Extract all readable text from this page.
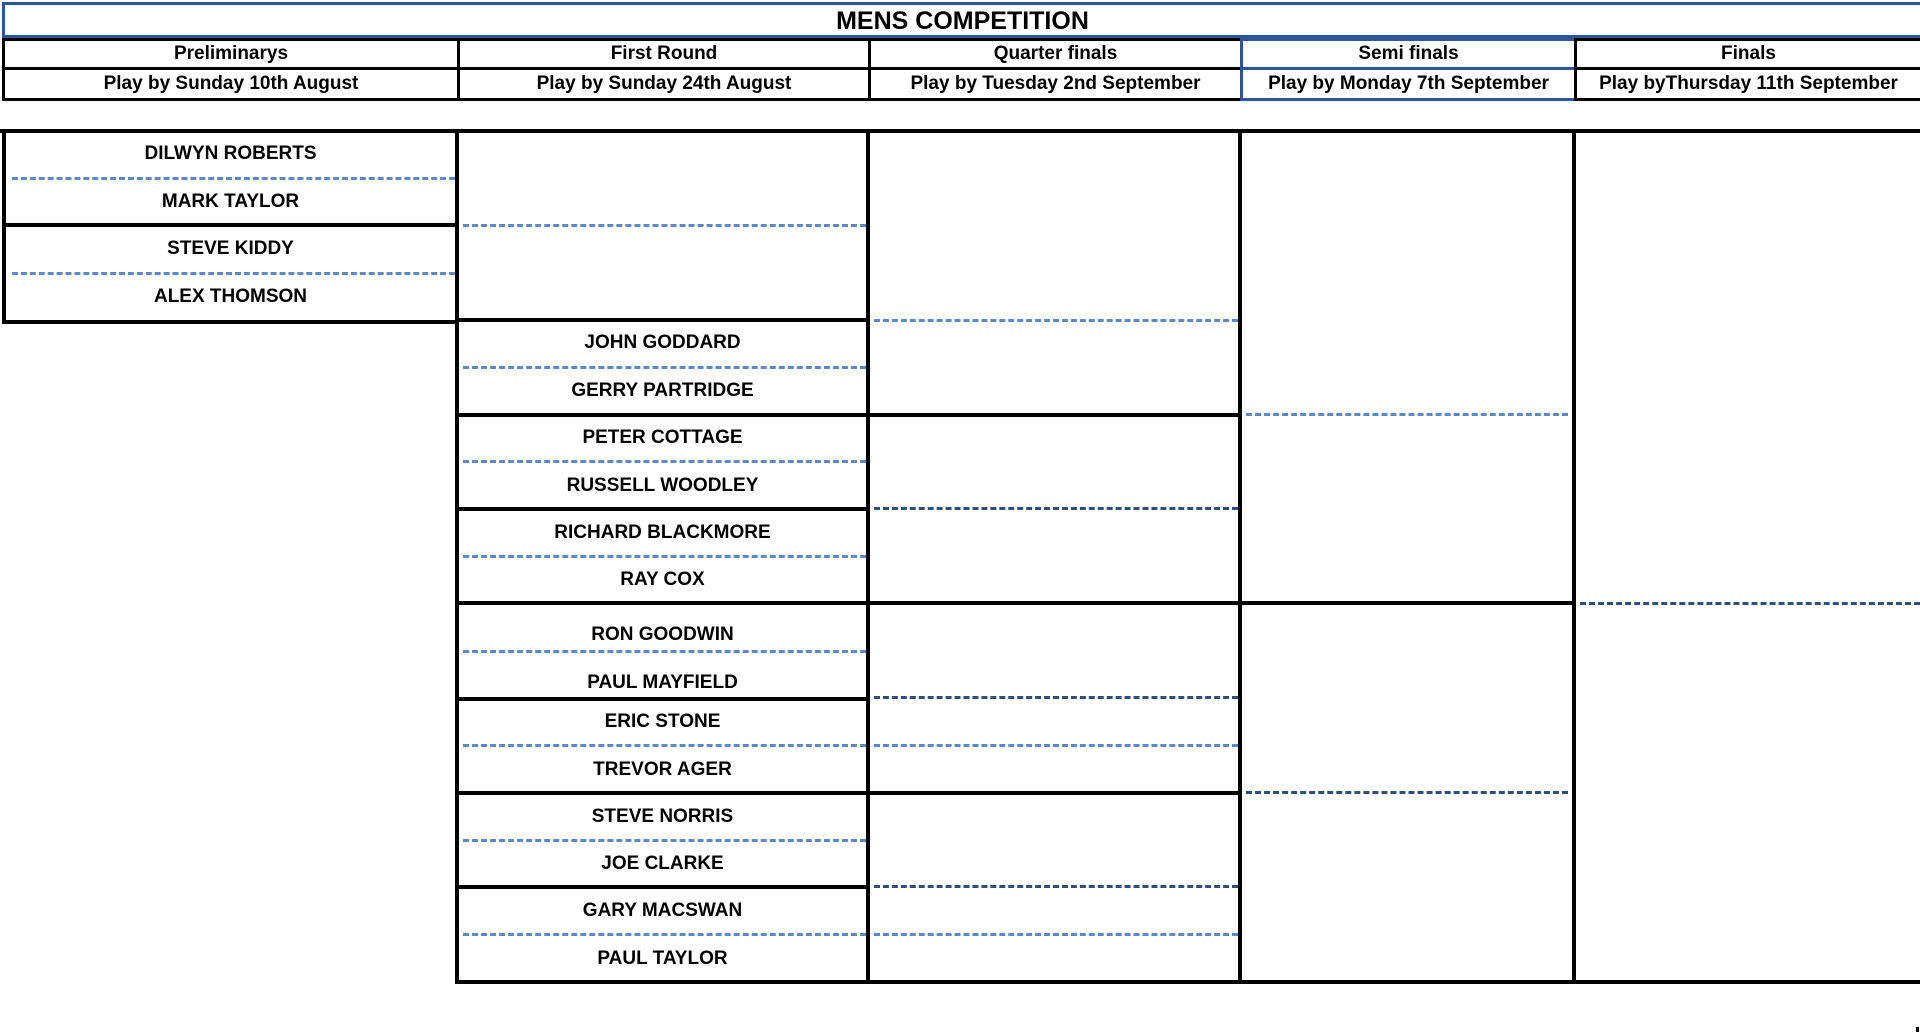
MENS COMPETITION
Preliminarys	First Round	Quarter finals	Semi finals	Finals
Play by Sunday 10th August	Play by Sunday 24th August	Play by Tuesday 2nd September	Play by Monday 7th September	Play byThursday 11th September
DILWYN ROBERTS
MARK TAYLOR
STEVE KIDDY
ALEX THOMSON
JOHN GODDARD
GERRY PARTRIDGE
PETER COTTAGE
RUSSELL WOODLEY
RICHARD BLACKMORE
RAY COX
RON GOODWIN
PAUL MAYFIELD
ERIC STONE
TREVOR AGER
STEVE NORRIS
JOE CLARKE
GARY MACSWAN
PAUL TAYLOR
